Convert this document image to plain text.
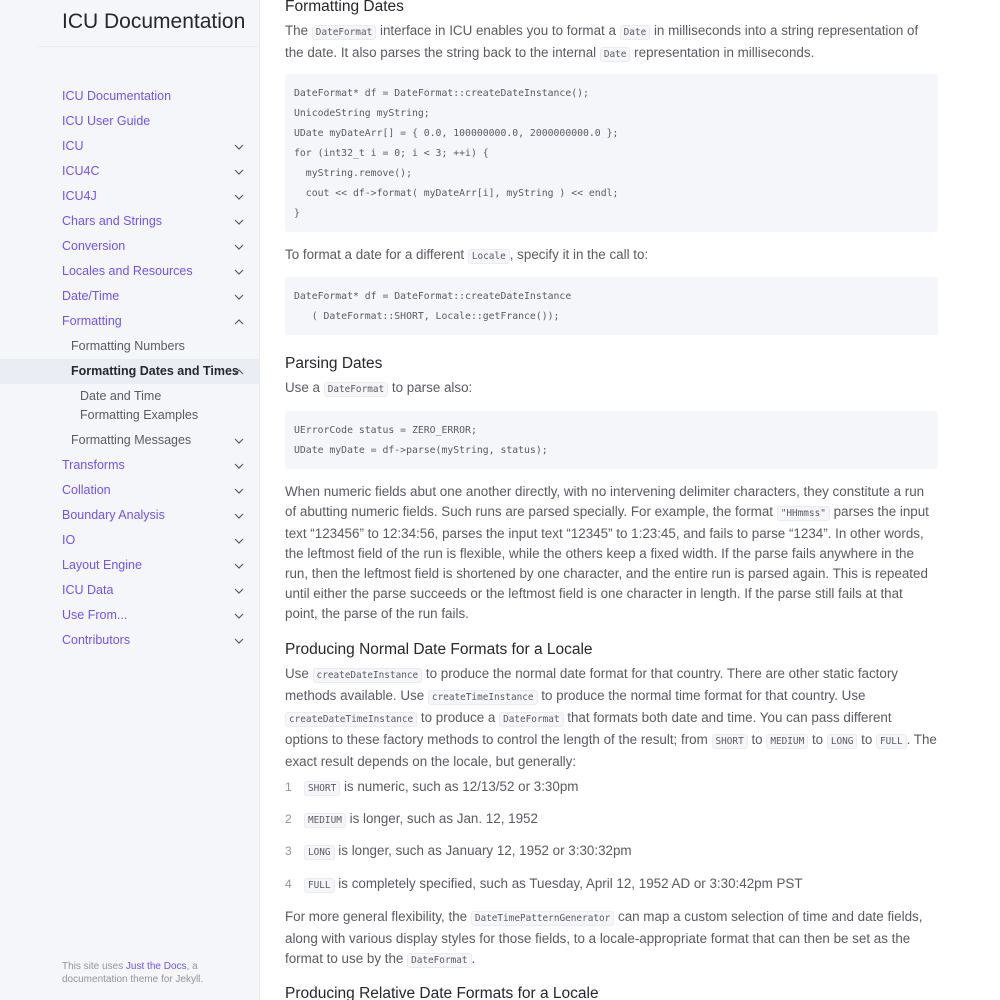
ICU Documentation
ICU Documentation
ICU User Guide
ICU
ICU4C
ICU4J
Chars and Strings
Conversion
Locales and Resources
Date/Time
Formatting
Formatting Numbers
Formatting Dates and Times
Date and Time Formatting Examples
Formatting Messages
Transforms
Collation
Boundary Analysis
IO
Layout Engine
ICU Data
Use From...
Contributors
This site uses Just the Docs, a documentation theme for Jekyll.
Formatting Dates

The DateFormat interface in ICU enables you to format a Date in milliseconds into a string representation of the date. It also parses the string back to the internal Date representation in milliseconds.

DateFormat* df = DateFormat::createDateInstance();
UnicodeString myString;
UDate myDateArr[] = { 0.0, 100000000.0, 2000000000.0 };
for (int32_t i = 0; i < 3; ++i) {
myString.remove();
cout << df->format( myDateArr[i], myString ) << endl;
}

To format a date for a different Locale , specify it in the call to:

DateFormat* df = DateFormat::createDateInstance
( DateFormat::SHORT, Locale::getFrance());
Parsing Dates

Use a DateFormat to parse also:

UErrorCode status = ZERO_ERROR;
UDate myDate = df->parse(myString, status);

When numeric fields abut one another directly, with no intervening delimiter characters, they constitute a run of abutting numeric fields. Such runs are parsed specially. For example, the format "HHmmss" parses the input text “123456” to 12:34:56, parses the input text “12345” to 1:23:45, and fails to parse “1234”. In other words, the leftmost field of the run is flexible, while the others keep a fixed width. If the parse fails anywhere in the run, then the leftmost field is shortened by one character, and the entire run is parsed again. This is repeated until either the parse succeeds or the leftmost field is one character in length. If the parse still fails at that point, the parse of the run fails.

Producing Normal Date Formats for a Locale

Use createDateInstance to produce the normal date format for that country. There are other static factory methods available. Use createTimeInstance to produce the normal time format for that country. Use createDateTimeInstance to produce a DateFormat that formats both date and time. You can pass different options to these factory methods to control the length of the result; from SHORT to MEDIUM to LONG to FULL . The exact result depends on the locale, but generally:

1 SHORT is numeric, such as 12/13/52 or 3:30pm
2 MEDIUM is longer, such as Jan. 12, 1952
3 LONG is longer, such as January 12, 1952 or 3:30:32pm
4 FULL is completely specified, such as Tuesday, April 12, 1952 AD or 3:30:42pm PST

For more general flexibility, the DateTimePatternGenerator can map a custom selection of time and date fields, along with various display styles for those fields, to a locale-appropriate format that can then be set as the format to use by the DateFormat .

Producing Relative Date Formats for a Locale
